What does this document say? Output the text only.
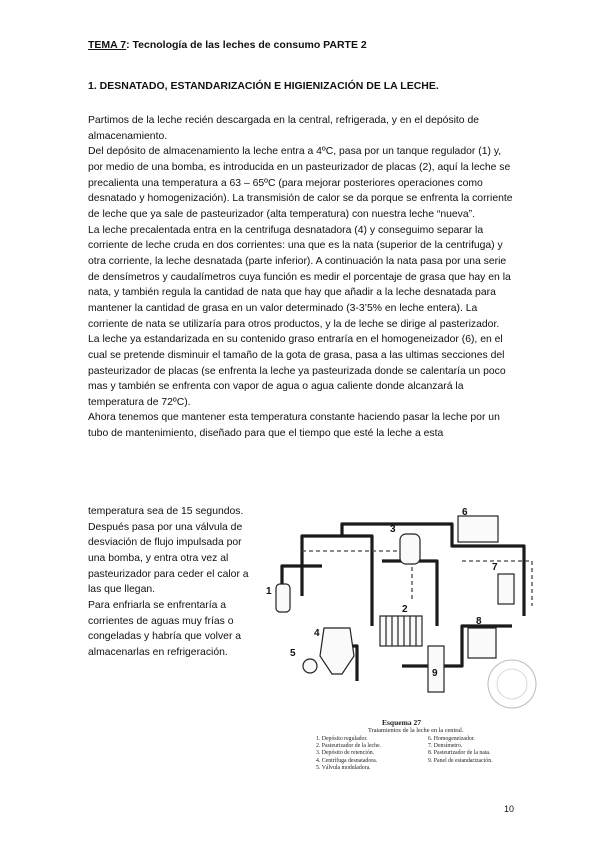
TEMA 7: Tecnología de las leches de consumo PARTE 2
1. DESNATADO, ESTANDARIZACIÓN E HIGIENIZACIÓN DE LA LECHE.

Partimos de la leche recién descargada en la central, refrigerada, y en el depósito de almacenamiento.

Del depósito de almacenamiento la leche entra a 4ºC, pasa por un tanque regulador (1) y, por medio de una bomba, es introducida en un pasteurizador de placas (2), aquí la leche se precalienta una temperatura a 63 – 65ºC (para mejorar posteriores operaciones como desnatado y homogenización). La transmisión de calor se da porque se enfrenta la corriente de leche que ya sale de pasteurizador (alta temperatura) con nuestra leche “nueva”.

La leche precalentada entra en la centrifuga desnatadora (4) y conseguimo separar la corriente de leche cruda en dos corrientes: una que es la nata (superior de la centrifuga) y otra corriente, la leche desnatada (parte inferior). A continuación la nata pasa por una serie de densímetros y caudalímetros cuya función es medir el porcentaje de grasa que hay en la nata, y también regula la cantidad de nata que hay que añadir a la leche desnatada para mantener la cantidad de grasa en un valor determinado (3-3’5% en leche entera). La corriente de nata se utilizaría para otros productos, y la de leche se dirige al pasterizador.

La leche ya estandarizada en su contenido graso entraría en el homogeneizador (6), en el cual se pretende disminuir el tamaño de la gota de grasa, pasa a las ultimas secciones del pasteurizador de placas (se enfrenta la leche ya pasteurizada donde se calentaría un poco mas y también se enfrenta con vapor de agua o agua caliente donde alcanzará la temperatura de 72ºC).

Ahora tenemos que mantener esta temperatura constante haciendo pasar la leche por un tubo de mantenimiento, diseñado para que el tiempo que esté la leche a esta

temperatura sea de 15 segundos.

Después pasa por una válvula de desviación de flujo impulsada por una bomba, y entra otra vez al pasteurizador para ceder el calor a las que llegan.

Para enfriarla se enfrentaría a corrientes de aguas muy frías o congeladas y habría que volver a almacenarlas en refrigeración.

1
2
3
4
5
6
7
8
9
Esquema 27
Tratamientos de la leche en la central.
1. Depósito regulador.
2. Pasteurizador de la leche.
3. Depósito de retención.
4. Centrífuga desnatadora.
5. Válvula moduladora.
6. Homogeneizador.
7. Densímetro.
8. Pasteurizador de la nata.
9. Panel de estandarización.
10
